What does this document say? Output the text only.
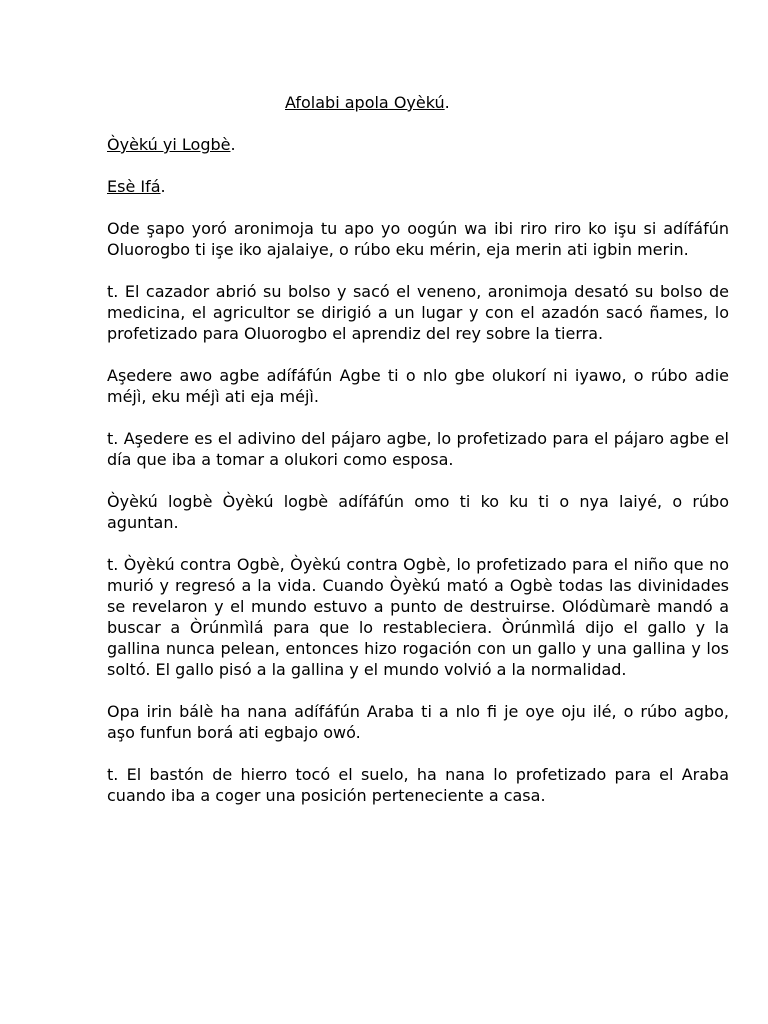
Afolabi apola Oyèkú.
Òyèkú yi Logbè.
Esè Ifá.

Ode şapo yoró aronimoja tu apo yo oogún wa ibi riro riro ko işu si adífáfún Oluorogbo ti işe iko ajalaiye, o rúbo eku mérin, eja merin ati igbin merin.

t. El cazador abrió su bolso y sacó el veneno, aronimoja desató su bolso de medicina, el agricultor se dirigió a un lugar y con el azadón sacó ñames, lo profetizado para Oluorogbo el aprendiz del rey sobre la tierra.

Aşedere awo agbe adífáfún Agbe ti o nlo gbe olukorí ni iyawo, o rúbo adie méjì, eku méjì ati eja méjì.

t. Aşedere es el adivino del pájaro agbe, lo profetizado para el pájaro agbe el día que iba a tomar a olukori como esposa.

Òyèkú logbè Òyèkú logbè adífáfún omo ti ko ku ti o nya laiyé, o rúbo aguntan.

t. Òyèkú contra Ogbè, Òyèkú contra Ogbè, lo profetizado para el niño que no murió y regresó a la vida. Cuando Òyèkú mató a Ogbè todas las divinidades se revelaron y el mundo estuvo a punto de destruirse. Olódùmarè mandó a buscar a Òrúnmìlá para que lo restableciera. Òrúnmìlá dijo el gallo y la gallina nunca pelean, entonces hizo rogación con un gallo y una gallina y los soltó. El gallo pisó a la gallina y el mundo volvió a la normalidad.

Opa irin bálè ha nana adífáfún Araba ti a nlo fi je oye oju ilé, o rúbo agbo, aşo funfun borá ati egbajo owó.

t. El bastón de hierro tocó el suelo, ha nana lo profetizado para el Araba cuando iba a coger una posición perteneciente a casa.
